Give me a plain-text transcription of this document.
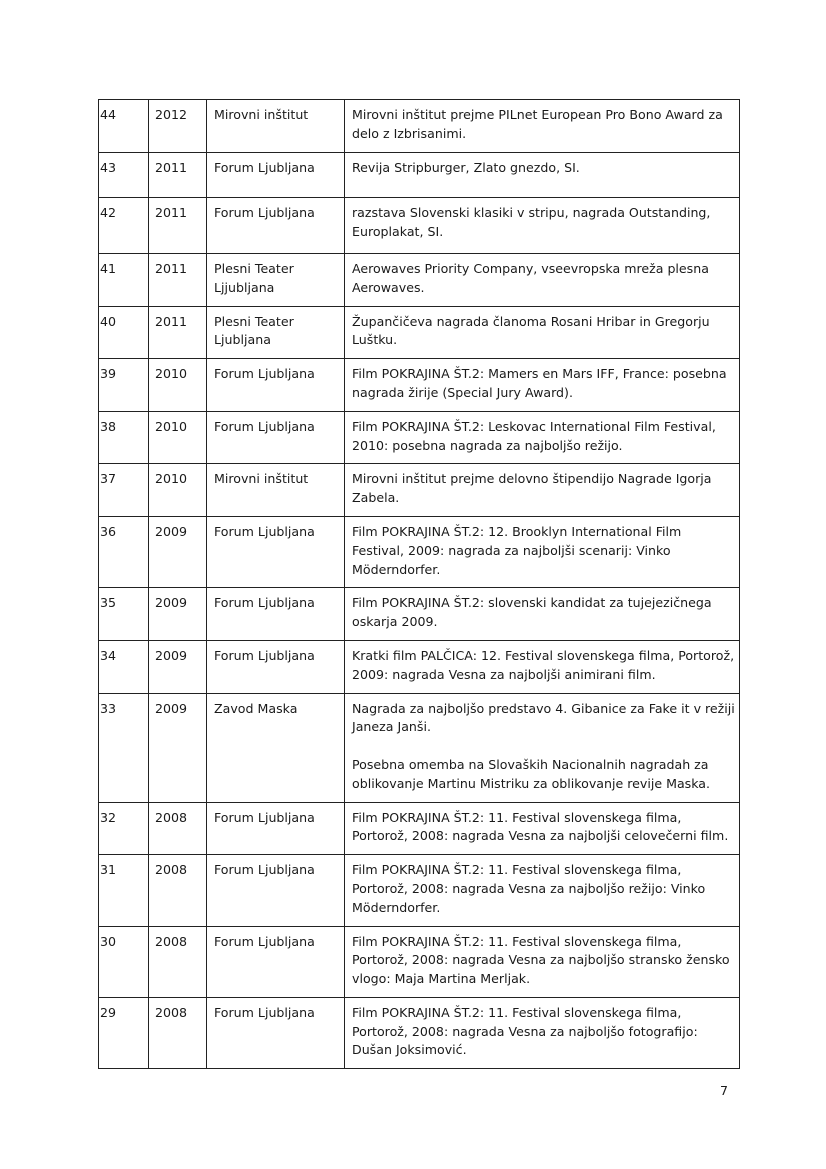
44	2012	Mirovni inštitut	Mirovni inštitut prejme PILnet European Pro Bono Award za delo z Izbrisanimi.

43	2011	Forum Ljubljana	Revija Stripburger, Zlato gnezdo, SI.

42	2011	Forum Ljubljana	razstava Slovenski klasiki v stripu, nagrada Outstanding, Europlakat, SI.

41	2011	Plesni Teater Ljjubljana	Aerowaves Priority Company, vseevropska mreža plesna Aerowaves.

40	2011	Plesni Teater Ljubljana	Župančičeva nagrada članoma Rosani Hribar in Gregorju Luštku.

39	2010	Forum Ljubljana	Film POKRAJINA ŠT.2: Mamers en Mars IFF, France: posebna nagrada žirije (Special Jury Award).

38	2010	Forum Ljubljana	Film POKRAJINA ŠT.2: Leskovac International Film Festival, 2010: posebna nagrada za najboljšo režijo.

37	2010	Mirovni inštitut	Mirovni inštitut prejme delovno štipendijo Nagrade Igorja Zabela.

36	2009	Forum Ljubljana	Film POKRAJINA ŠT.2: 12. Brooklyn International Film Festival, 2009: nagrada za najboljši scenarij: Vinko Möderndorfer.

35	2009	Forum Ljubljana	Film POKRAJINA ŠT.2: slovenski kandidat za tujejezičnega oskarja 2009.

34	2009	Forum Ljubljana	Kratki film PALČICA: 12. Festival slovenskega filma, Portorož, 2009: nagrada Vesna za najboljši animirani film.

33	2009	Zavod Maska	Nagrada za najboljšo predstavo 4. Gibanice za Fake it v režiji Janeza Janši.
Posebna omemba na Slovaških Nacionalnih nagradah za oblikovanje Martinu Mistriku za oblikovanje revije Maska.

32	2008	Forum Ljubljana	Film POKRAJINA ŠT.2: 11. Festival slovenskega filma, Portorož, 2008: nagrada Vesna za najboljši celovečerni film.

31	2008	Forum Ljubljana	Film POKRAJINA ŠT.2: 11. Festival slovenskega filma, Portorož, 2008: nagrada Vesna za najboljšo režijo: Vinko Möderndorfer.

30	2008	Forum Ljubljana	Film POKRAJINA ŠT.2: 11. Festival slovenskega filma, Portorož, 2008: nagrada Vesna za najboljšo stransko žensko vlogo: Maja Martina Merljak.

29	2008	Forum Ljubljana	Film POKRAJINA ŠT.2: 11. Festival slovenskega filma, Portorož, 2008: nagrada Vesna za najboljšo fotografijo: Dušan Joksimović.
7
